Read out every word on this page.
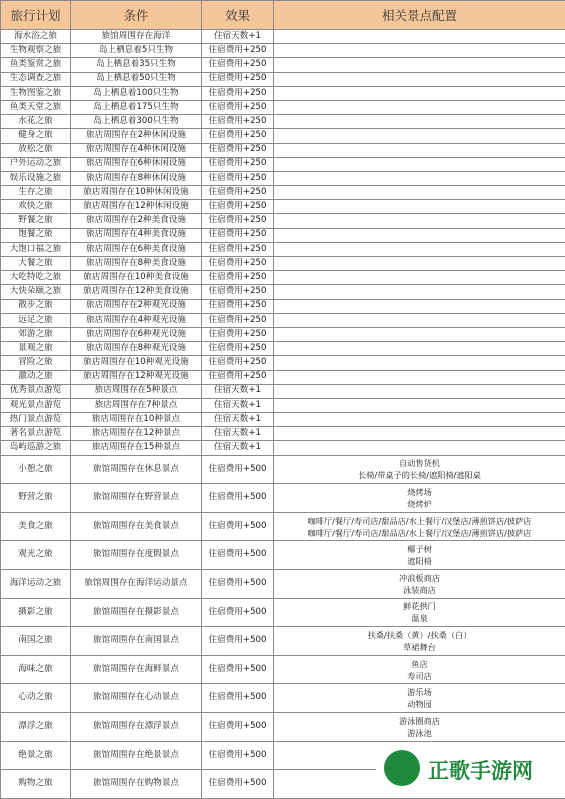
旅行计划	条件	效果	相关景点配置
海水浴之旅	旅馆周围存在海洋	住宿天数+1	
生物观察之旅	岛上栖息着5只生物	住宿费用+250	
鱼类鉴赏之旅	岛上栖息着35只生物	住宿费用+250	
生态调查之旅	岛上栖息着50只生物	住宿费用+250	
生物图鉴之旅	岛上栖息着100只生物	住宿费用+250	
鱼类天堂之旅	岛上栖息着175只生物	住宿费用+250	
水花之旅	岛上栖息着300只生物	住宿费用+250	
健身之旅	旅店周围存在2种休闲设施	住宿费用+250	
放松之旅	旅店周围存在4种休闲设施	住宿费用+250	
户外运动之旅	旅店周围存在6种休闲设施	住宿费用+250	
娱乐设施之旅	旅店周围存在8种休闲设施	住宿费用+250	
生存之旅	旅店周围存在10种休闲设施	住宿费用+250	
欢快之旅	旅店周围存在12种休闲设施	住宿费用+250	
野餐之旅	旅店周围存在2种美食设施	住宿费用+250	
饱餐之旅	旅店周围存在4种美食设施	住宿费用+250	
大饱口福之旅	旅店周围存在6种美食设施	住宿费用+250	
大餐之旅	旅店周围存在8种美食设施	住宿费用+250	
大吃特吃之旅	旅店周围存在10种美食设施	住宿费用+250	
大快朵颐之旅	旅店周围存在12种美食设施	住宿费用+250	
散步之旅	旅店周围存在2种观光设施	住宿费用+250	
远足之旅	旅店周围存在4种观光设施	住宿费用+250	
郊游之旅	旅店周围存在6种观光设施	住宿费用+250	
景观之旅	旅店周围存在8种观光设施	住宿费用+250	
冒险之旅	旅店周围存在10种观光设施	住宿费用+250	
激动之旅	旅店周围存在12种观光设施	住宿费用+250	
优秀景点游览	旅店周围存在5种景点	住宿天数+1	
观光景点游览	旅店周围存在7种景点	住宿天数+1	
热门景点游览	旅店周围存在10种景点	住宿天数+1	
著名景点游览	旅店周围存在12种景点	住宿天数+1	
岛屿巡游之旅	旅店周围存在15种景点	住宿天数+1	
小憩之旅	旅馆周围存在休息景点	住宿费用+500	自动售货机
长椅/带桌子的长椅/遮阳椅/遮阳桌

野营之旅	旅馆周围存在野营景点	住宿费用+500	烧烤场
烧烤炉

美食之旅	旅馆周围存在美食景点	住宿费用+500	咖啡厅/餐厅/寿司店/甜品店/水上餐厅/汉堡店/薄煎饼店/披萨店
咖啡厅/餐厅/寿司店/甜品店/水上餐厅/汉堡店/薄煎饼店/披萨店

观光之旅	旅馆周围存在度假景点	住宿费用+500	椰子树
遮阳椅

海洋运动之旅	旅馆周围存在海洋运动景点	住宿费用+500	冲浪板商店
泳装商店

摄影之旅	旅馆周围存在摄影景点	住宿费用+500	鲜花拱门
温泉

南国之旅	旅馆周围存在南国景点	住宿费用+500	扶桑/扶桑（黄）/扶桑（白）
草裙舞台

海味之旅	旅馆周围存在海鲜景点	住宿费用+500	鱼店
寿司店

心动之旅	旅馆周围存在心动景点	住宿费用+500	游乐场
动物园

漂浮之旅	旅馆周围存在漂浮景点	住宿费用+500	游泳圈商店
游泳池

绝景之旅	旅馆周围存在绝景景点	住宿费用+500	

购物之旅	旅馆周围存在购物景点	住宿费用+500	

正歌手游网
